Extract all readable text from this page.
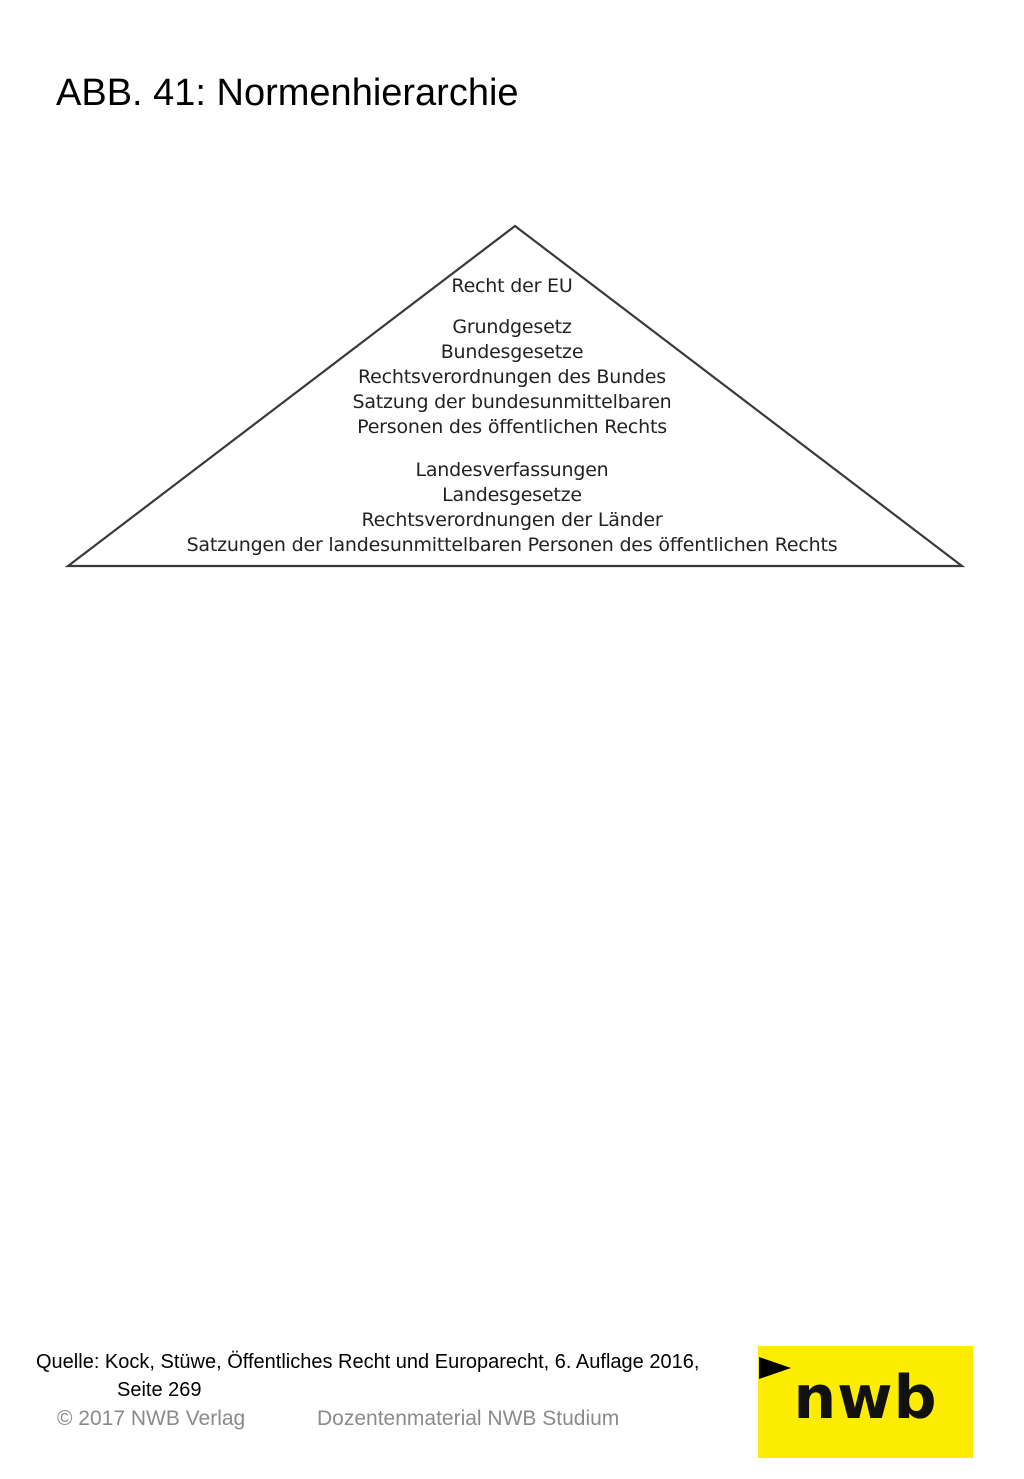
ABB. 41: Normenhierarchie
Recht der EU
Grundgesetz
Bundesgesetze
Rechtsverordnungen des Bundes
Satzung der bundesunmittelbaren
Personen des öffentlichen Rechts
Landesverfassungen
Landesgesetze
Rechtsverordnungen der Länder
Satzungen der landesunmittelbaren Personen des öffentlichen Rechts
Quelle: Kock, Stüwe, Öffentliches Recht und Europarecht, 6. Auflage 2016,
Seite 269
© 2017 NWB Verlag	Dozentenmaterial NWB Studium	nwb
